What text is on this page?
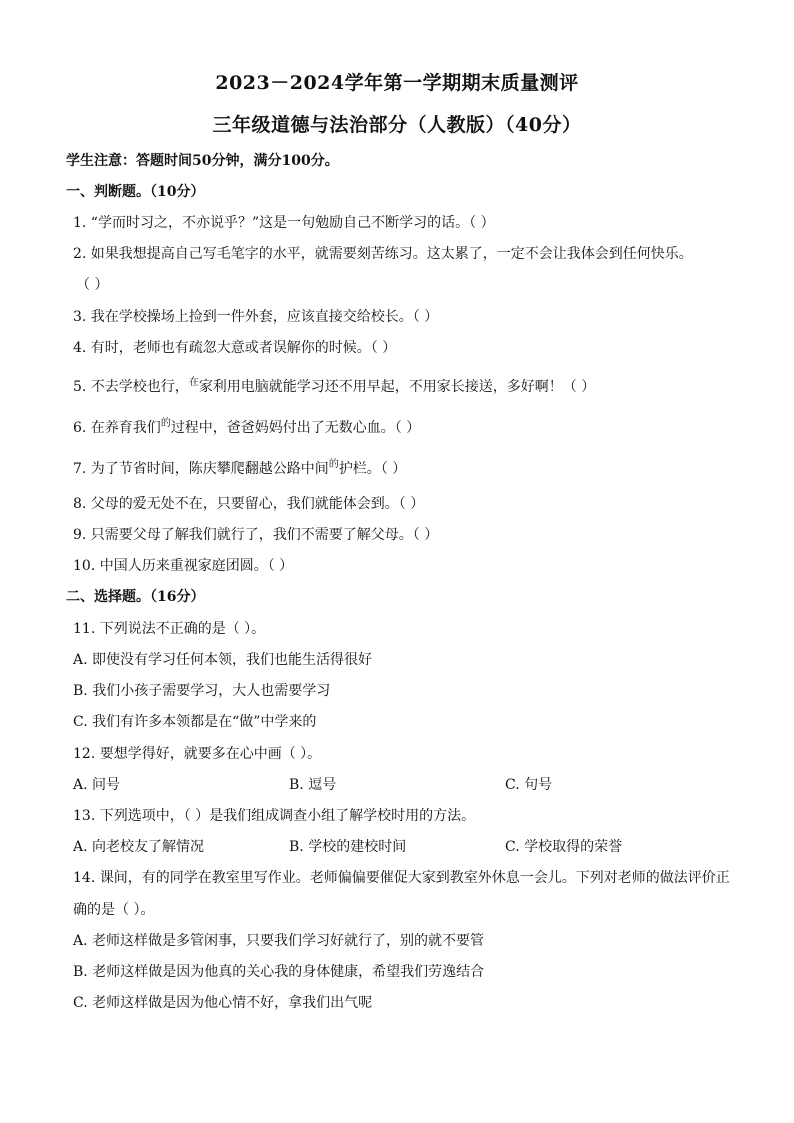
2023－2024学年第一学期期末质量测评
三年级道德与法治部分（人教版）（40分）
学生注意：答题时间50分钟，满分100分。
一、判断题。（10分）
1. “学而时习之，不亦说乎？”这是一句勉励自己不断学习的话。（ ）
2. 如果我想提高自己写毛笔字的水平，就需要刻苦练习。这太累了，一定不会让我体会到任何快乐。
（ ）
3. 我在学校操场上捡到一件外套，应该直接交给校长。（ ）
4. 有时，老师也有疏忽大意或者误解你的时候。（ ）
5. 不去学校也行，$^在$家利用电脑就能学习还不用早起，不用家长接送，多好啊！（ ）
6. 在养育我们$^的$过程中，爸爸妈妈付出了无数心血。（ ）
7. 为了节省时间，陈庆攀爬翻越公路中间$^的$护栏。（ ）
8. 父母的爱无处不在，只要留心，我们就能体会到。（ ）
9. 只需要父母了解我们就行了，我们不需要了解父母。（ ）
10. 中国人历来重视家庭团圆。（ ）
二、选择题。（16分）
11. 下列说法不正确的是（ ）。
A. 即使没有学习任何本领，我们也能生活得很好
B. 我们小孩子需要学习，大人也需要学习
C. 我们有许多本领都是在“做”中学来的
12. 要想学得好，就要多在心中画（ ）。
A. 问号	B. 逗号	C. 句号
13. 下列选项中，（ ）是我们组成调查小组了解学校时用的方法。
A. 向老校友了解情况	B. 学校的建校时间	C. 学校取得的荣誉
14. 课间，有的同学在教室里写作业。老师偏偏要催促大家到教室外休息一会儿。下列对老师的做法评价正
确的是（ ）。
A. 老师这样做是多管闲事，只要我们学习好就行了，别的就不要管
B. 老师这样做是因为他真的关心我的身体健康，希望我们劳逸结合
C. 老师这样做是因为他心情不好，拿我们出气呢
